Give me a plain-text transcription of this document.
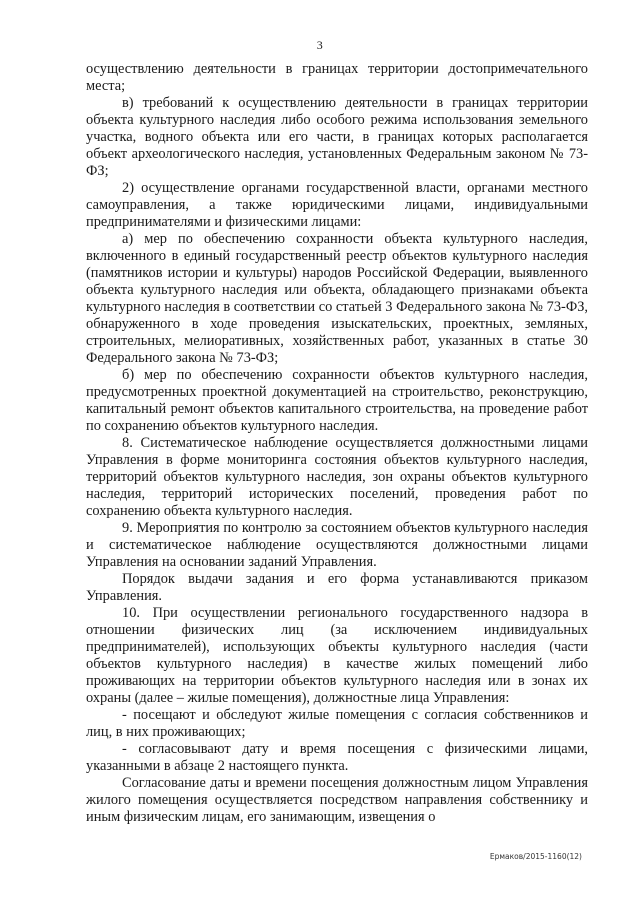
3

осуществлению деятельности в границах территории достопримечательного места;

в) требований к осуществлению деятельности в границах территории объекта культурного наследия либо особого режима использования земельного участка, водного объекта или его части, в границах которых располагается объект археологического наследия, установленных Федеральным законом № 73-ФЗ;

2) осуществление органами государственной власти, органами местного самоуправления, а также юридическими лицами, индивидуальными предпринимателями и физическими лицами:

а) мер по обеспечению сохранности объекта культурного наследия, включенного в единый государственный реестр объектов культурного наследия (памятников истории и культуры) народов Российской Федерации, выявленного объекта культурного наследия или объекта, обладающего признаками объекта культурного наследия в соответствии со статьей 3 Федерального закона № 73-ФЗ, обнаруженного в ходе проведения изыскательских, проектных, земляных, строительных, мелиоративных, хозяйственных работ, указанных в статье 30 Федерального закона № 73-ФЗ;

б) мер по обеспечению сохранности объектов культурного наследия, предусмотренных проектной документацией на строительство, реконструкцию, капитальный ремонт объектов капитального строительства, на проведение работ по сохранению объектов культурного наследия.

8. Систематическое наблюдение осуществляется должностными лицами Управления в форме мониторинга состояния объектов культурного наследия, территорий объектов культурного наследия, зон охраны объектов культурного наследия, территорий исторических поселений, проведения работ по сохранению объекта культурного наследия.

9. Мероприятия по контролю за состоянием объектов культурного наследия и систематическое наблюдение осуществляются должностными лицами Управления на основании заданий Управления.

Порядок выдачи задания и его форма устанавливаются приказом Управления.

10. При осуществлении регионального государственного надзора в отношении физических лиц (за исключением индивидуальных предпринимателей), использующих объекты культурного наследия (части объектов культурного наследия) в качестве жилых помещений либо проживающих на территории объектов культурного наследия или в зонах их охраны (далее – жилые помещения), должностные лица Управления:

- посещают и обследуют жилые помещения с согласия собственников и лиц, в них проживающих;

- согласовывают дату и время посещения с физическими лицами, указанными в абзаце 2 настоящего пункта.

Согласование даты и времени посещения должностным лицом Управления жилого помещения осуществляется посредством направления собственнику и иным физическим лицам, его занимающим, извещения о

Ермаков/2015-1160(12)
